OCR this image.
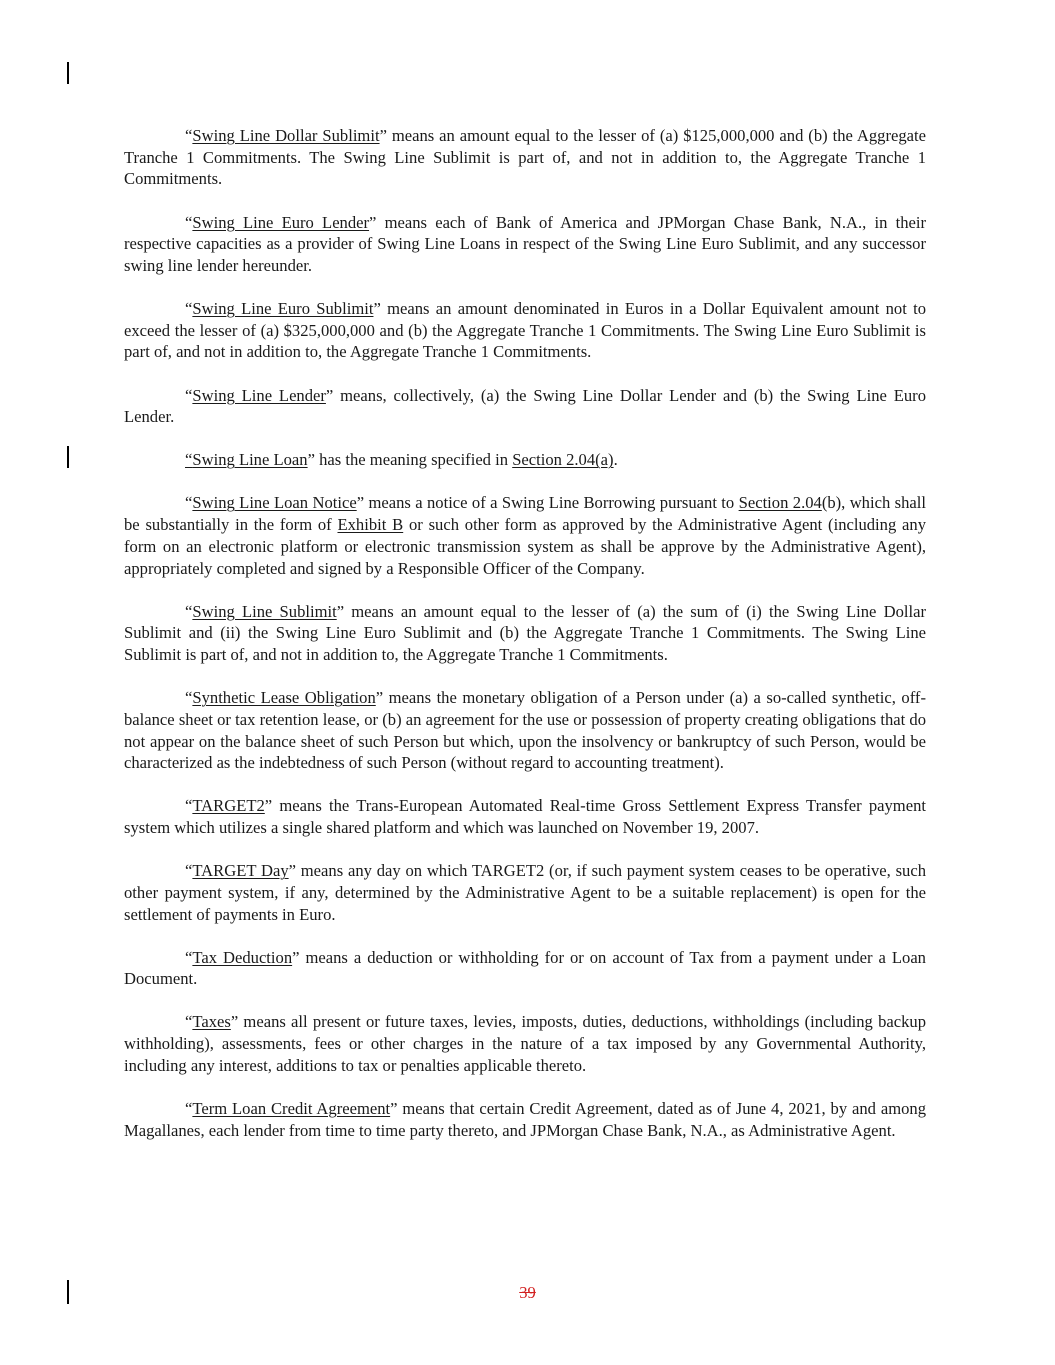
“Swing Line Dollar Sublimit” means an amount equal to the lesser of (a) $125,000,000 and (b) the Aggregate Tranche 1 Commitments. The Swing Line Sublimit is part of, and not in addition to, the Aggregate Tranche 1 Commitments.

“Swing Line Euro Lender” means each of Bank of America and JPMorgan Chase Bank, N.A., in their respective capacities as a provider of Swing Line Loans in respect of the Swing Line Euro Sublimit, and any successor swing line lender hereunder.

“Swing Line Euro Sublimit” means an amount denominated in Euros in a Dollar Equivalent amount not to exceed the lesser of (a) $325,000,000 and (b) the Aggregate Tranche 1 Commitments. The Swing Line Euro Sublimit is part of, and not in addition to, the Aggregate Tranche 1 Commitments.

“Swing Line Lender” means, collectively, (a) the Swing Line Dollar Lender and (b) the Swing Line Euro Lender.

“Swing Line Loan” has the meaning specified in Section 2.04(a).

“Swing Line Loan Notice” means a notice of a Swing Line Borrowing pursuant to Section 2.04(b), which shall be substantially in the form of Exhibit B or such other form as approved by the Administrative Agent (including any form on an electronic platform or electronic transmission system as shall be approve by the Administrative Agent), appropriately completed and signed by a Responsible Officer of the Company.

“Swing Line Sublimit” means an amount equal to the lesser of (a) the sum of (i) the Swing Line Dollar Sublimit and (ii) the Swing Line Euro Sublimit and (b) the Aggregate Tranche 1 Commitments. The Swing Line Sublimit is part of, and not in addition to, the Aggregate Tranche 1 Commitments.

“Synthetic Lease Obligation” means the monetary obligation of a Person under (a) a so-called synthetic, off-balance sheet or tax retention lease, or (b) an agreement for the use or possession of property creating obligations that do not appear on the balance sheet of such Person but which, upon the insolvency or bankruptcy of such Person, would be characterized as the indebtedness of such Person (without regard to accounting treatment).

“TARGET2” means the Trans-European Automated Real-time Gross Settlement Express Transfer payment system which utilizes a single shared platform and which was launched on November 19, 2007.

“TARGET Day” means any day on which TARGET2 (or, if such payment system ceases to be operative, such other payment system, if any, determined by the Administrative Agent to be a suitable replacement) is open for the settlement of payments in Euro.

“Tax Deduction” means a deduction or withholding for or on account of Tax from a payment under a Loan Document.

“Taxes” means all present or future taxes, levies, imposts, duties, deductions, withholdings (including backup withholding), assessments, fees or other charges in the nature of a tax imposed by any Governmental Authority, including any interest, additions to tax or penalties applicable thereto.

“Term Loan Credit Agreement” means that certain Credit Agreement, dated as of June 4, 2021, by and among Magallanes, each lender from time to time party thereto, and JPMorgan Chase Bank, N.A., as Administrative Agent.

39
